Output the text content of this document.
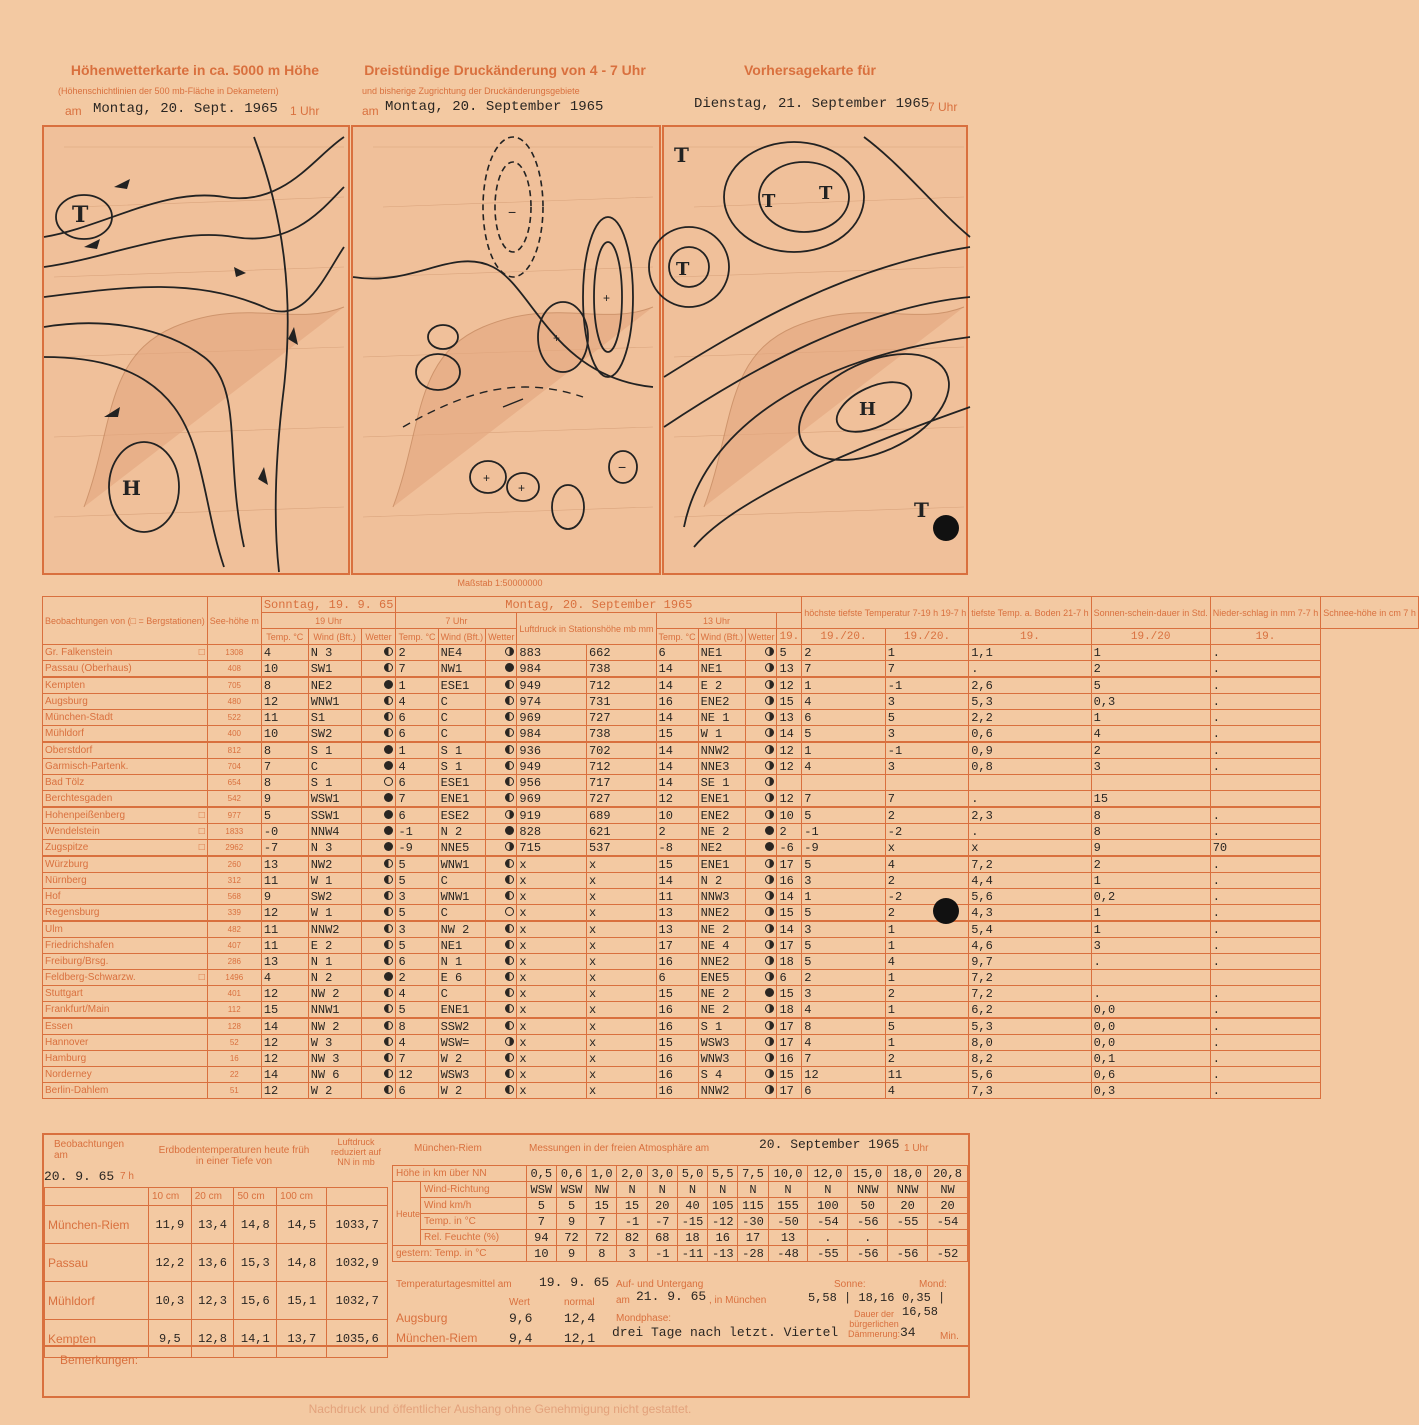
Höhenwetterkarte in ca. 5000 m Höhe
(Höhenschichtlinien der 500 mb-Fläche in Dekametern)
am Montag, 20. Sept. 1965 1 Uhr
Dreistündige Druckänderung von 4 - 7 Uhr
und bisherige Zugrichtung der Druckänderungsgebiete
am Montag, 20. September 1965
Vorhersagekarte für
Dienstag, 21. September 1965
7 Uhr
T
H
+
+
+
+
−
−
T
T T
T
H
T
Maßstab 1:50000000
Beobachtungen von (□ = Bergstationen)	See-höhe m	Sonntag, 19. 9. 65			Montag, 20. September 1965									höchste tiefste Temperatur 7-19 h 19-7 h		tiefste Temp. a. Boden 21-7 h	Sonnen-schein-dauer in Std.	Nieder-schlag in mm 7-7 h	Schnee-höhe in cm 7 h
		19 Uhr			7 Uhr			Luftdruck in Stationshöhe mb mm		13 Uhr									
		Temp. °C	Wind (Bft.)	Wetter	Temp. °C	Wind (Bft.)	Wetter			Temp. °C	Wind (Bft.)	Wetter	19.	19./20.	19./20.	19.	19./20	19.	
Gr. Falkenstein □	1308	4	N 3		2	NE4		883	662	6	NE1		5	2	1	1,1	1	.	
Passau (Oberhaus)	408	10	SW1		7	NW1		984	738	14	NE1		13	7	7	.	2	.	
Kempten	705	8	NE2		1	ESE1		949	712	14	E 2		12	1	-1	2,6	5	.	
Augsburg	480	12	WNW1		4	C		974	731	16	ENE2		15	4	3	5,3	0,3	.	
München-Stadt	522	11	S1		6	C		969	727	14	NE 1		13	6	5	2,2	1	.	
Mühldorf	400	10	SW2		6	C		984	738	15	W 1		14	5	3	0,6	4	.	
Oberstdorf	812	8	S 1		1	S 1		936	702	14	NNW2		12	1	-1	0,9	2	.	
Garmisch-Partenk.	704	7	C		4	S 1		949	712	14	NNE3		12	4	3	0,8	3	.	
Bad Tölz	654	8	S 1		6	ESE1		956	717	14	SE 1								
Berchtesgaden	542	9	WSW1		7	ENE1		969	727	12	ENE1		12	7	7	.	15		
Hohenpeißenberg □	977	5	SSW1		6	ESE2		919	689	10	ENE2		10	5	2	2,3	8	.	
Wendelstein □	1833	-0	NNW4		-1	N 2		828	621	2	NE 2		2	-1	-2	.	8	.	
Zugspitze □	2962	-7	N 3		-9	NNE5		715	537	-8	NE2		-6	-9	x	x	9	70	
Würzburg	260	13	NW2		5	WNW1		x	x	15	ENE1		17	5	4	7,2	2	.	
Nürnberg	312	11	W 1		5	C		x	x	14	N 2		16	3	2	4,4	1	.	
Hof	568	9	SW2		3	WNW1		x	x	11	NNW3		14	1	-2	5,6	0,2	.	
Regensburg	339	12	W 1		5	C		x	x	13	NNE2		15	5	2	4,3	1	.	
Ulm	482	11	NNW2		3	NW 2		x	x	13	NE 2		14	3	1	5,4	1	.	
Friedrichshafen	407	11	E 2		5	NE1		x	x	17	NE 4		17	5	1	4,6	3	.	
Freiburg/Brsg.	286	13	N 1		6	N 1		x	x	16	NNE2		18	5	4	9,7	.	.	
Feldberg-Schwarzw. □	1496	4	N 2		2	E 6		x	x	6	ENE5		6	2	1	7,2			
Stuttgart	401	12	NW 2		4	C		x	x	15	NE 2		15	3	2	7,2	.	.	
Frankfurt/Main	112	15	NNW1		5	ENE1		x	x	16	NE 2		18	4	1	6,2	0,0	.	
Essen	128	14	NW 2		8	SSW2		x	x	16	S 1		17	8	5	5,3	0,0	.	
Hannover	52	12	W 3		4	WSW=		x	x	15	WSW3		17	4	1	8,0	0,0	.	
Hamburg	16	12	NW 3		7	W 2		x	x	16	WNW3		16	7	2	8,2	0,1	.	
Norderney	22	14	NW 6		12	WSW3		x	x	16	S 4		15	12	11	5,6	0,6	.	
Berlin-Dahlem	51	12	W 2		6	W 2		x	x	16	NNW2		17	6	4	7,3	0,3	.	
Beobachtungen am
20. 9. 65 7 h
Erdbodentemperaturen heute früh in einer Tiefe von
Luftdruck reduziert auf NN in mb
	10 cm	20 cm	50 cm	100 cm	
München-Riem	11,9	13,4	14,8	14,5	1033,7
Passau	12,2	13,6	15,3	14,8	1032,9
Mühldorf	10,3	12,3	15,6	15,1	1032,7
Kempten	9,5	12,8	14,1	13,7	1035,6
München-Riem	Messungen in der freien Atmosphäre am	20. September 1965 1 Uhr
Höhe in km über NN		0,5	0,6	1,0	2,0	3,0	5,0	5,5	7,5	10,0	12,0	15,0	18,0	20,8
Heute	Wind-Richtung	WSW	WSW	NW	N	N	N	N	N	N	N	NNW	NNW	NW
	Wind km/h	5	5	15	15	20	40	105	115	155	100	50	20	20
	Temp. in °C	7	9	7	-1	-7	-15	-12	-30	-50	-54	-56	-55	-54
	Rel. Feuchte (%)	94	72	72	82	68	18	16	17	13	.	.		
gestern: Temp. in °C		10	9	8	3	-1	-11	-13	-28	-48	-55	-56	-56	-52
Temperaturtagesmittel am 19. 9. 65
Wert	normal
Augsburg	9,6 12,4
München-Riem 9,4 12,1
Auf- und Untergang
am 21. 9. 65 , in München
Sonne:
5,58 | 18,16
Mond:
0,35 | 16,58
Mondphase:
drei Tage nach letzt. Viertel
Dauer der bürgerlichen Dämmerung: 34 Min.
Bemerkungen:
Nachdruck und öffentlicher Aushang ohne Genehmigung nicht gestattet.
